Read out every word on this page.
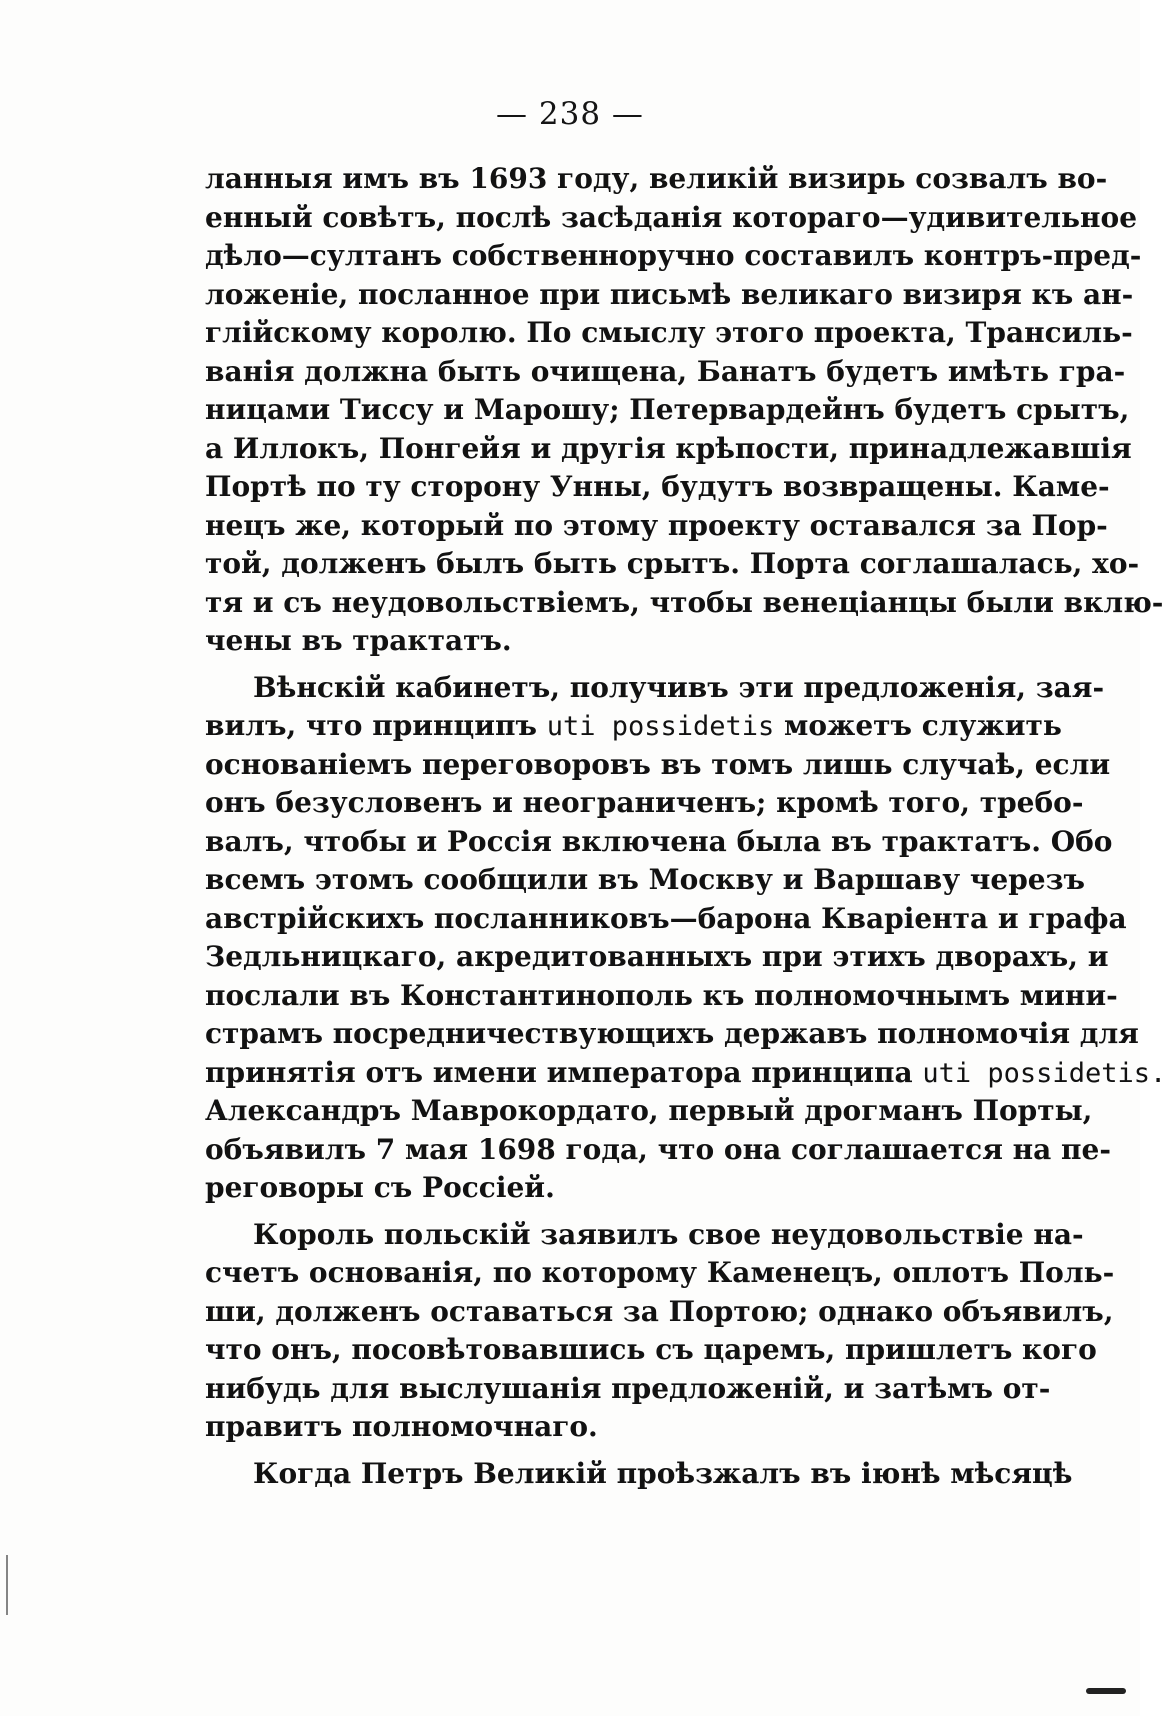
— 238 —
ланныя имъ въ 1693 году, великій визирь созвалъ во-
енный совѣтъ, послѣ засѣданія котораго—удивительное
дѣло—султанъ собственноручно составилъ контръ-пред-
ложеніе, посланное при письмѣ великаго визиря къ ан-
глійскому королю. По смыслу этого проекта, Трансиль-
ванія должна быть очищена, Банатъ будетъ имѣть гра-
ницами Тиссу и Марошу; Петервардейнъ будетъ срытъ,
а Иллокъ, Понгейя и другія крѣпости, принадлежавшія
Портѣ по ту сторону Унны, будутъ возвращены. Каме-
нецъ же, который по этому проекту оставался за Пор-
той, долженъ былъ быть срытъ. Порта соглашалась, хо-
тя и съ неудовольствіемъ, чтобы венеціанцы были вклю-
чены въ трактатъ.
Вѣнскій кабинетъ, получивъ эти предложенія, зая-
вилъ, что принципъ uti possidetis можетъ служить
основаніемъ переговоровъ въ томъ лишь случаѣ, если
онъ безусловенъ и неограниченъ; кромѣ того, требо-
валъ, чтобы и Россія включена была въ трактатъ. Обо
всемъ этомъ сообщили въ Москву и Варшаву черезъ
австрійскихъ посланниковъ—барона Кваріента и графа
Зедльницкаго, акредитованныхъ при этихъ дворахъ, и
послали въ Константинополь къ полномочнымъ мини-
страмъ посредничествующихъ державъ полномочія для
принятія отъ имени императора принципа uti possidetis.
Александръ Маврокордато, первый дрогманъ Порты,
объявилъ 7 мая 1698 года, что она соглашается на пе-
реговоры съ Россіей.
Король польскій заявилъ свое неудовольствіе на-
счетъ основанія, по которому Каменецъ, оплотъ Поль-
ши, долженъ оставаться за Портою; однако объявилъ,
что онъ, посовѣтовавшись съ царемъ, пришлетъ кого
нибудь для выслушанія предложеній, и затѣмъ от-
правитъ полномочнаго.
Когда Петръ Великій проѣзжалъ въ іюнѣ мѣсяцѣ
